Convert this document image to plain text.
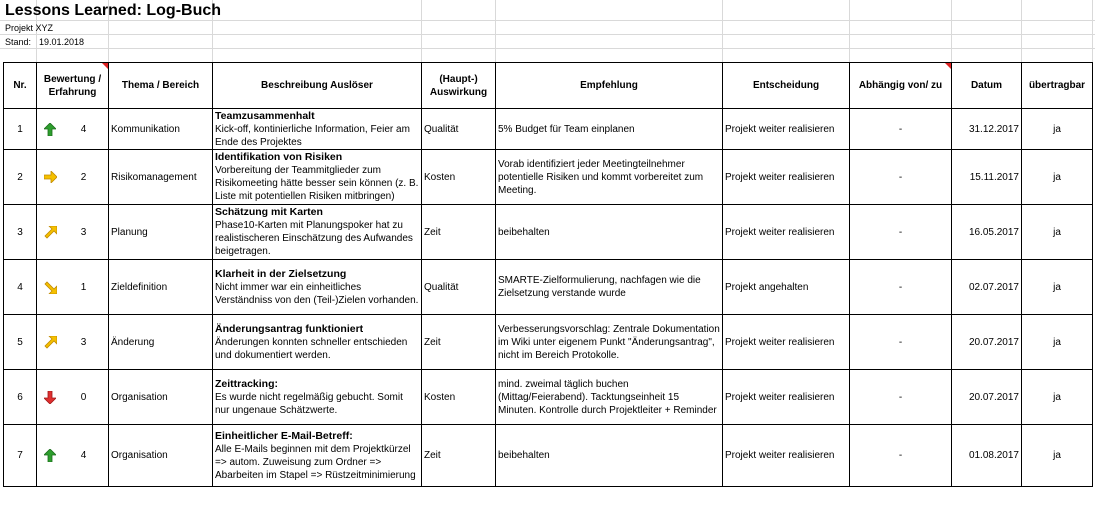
Lessons Learned: Log-Buch
Projekt XYZ
Stand: 19.01.2018
Nr.	Bewertung / Erfahrung	Thema / Bereich	Beschreibung Auslöser	(Haupt-) Auswirkung	Empfehlung	Entscheidung	Abhängig von/ zu	Datum	übertragbar
1	4	Kommunikation	Teamzusammenhalt
Kick-off, kontinierliche Information, Feier am Ende des Projektes	Qualität	5% Budget für Team einplanen	Projekt weiter realisieren	-	31.12.2017	ja
2	2	Risikomanagement	Identifikation von Risiken
Vorbereitung der Teammitglieder zum Risikomeeting hätte besser sein können (z. B. Liste mit potentiellen Risiken mitbringen)	Kosten	Vorab identifiziert jeder Meetingteilnehmer potentielle Risiken und kommt vorbereitet zum Meeting.	Projekt weiter realisieren	-	15.11.2017	ja
3	3	Planung	Schätzung mit Karten
Phase10-Karten mit Planungspoker hat zu realistischeren Einschätzung des Aufwandes beigetragen.	Zeit	beibehalten	Projekt weiter realisieren	-	16.05.2017	ja
4	1	Zieldefinition	Klarheit in der Zielsetzung
Nicht immer war ein einheitliches Verständniss von den (Teil-)Zielen vorhanden.	Qualität	SMARTE-Zielformulierung, nachfagen wie die Zielsetzung verstande wurde	Projekt angehalten	-	02.07.2017	ja
5	3	Änderung	Änderungsantrag funktioniert
Änderungen konnten schneller entschieden und dokumentiert werden.	Zeit	Verbesserungsvorschlag: Zentrale Dokumentation im Wiki unter eigenem Punkt "Änderungsantrag", nicht im Bereich Protokolle.	Projekt weiter realisieren	-	20.07.2017	ja
6	0	Organisation	Zeittracking:
Es wurde nicht regelmäßig gebucht. Somit nur ungenaue Schätzwerte.	Kosten	mind. zweimal täglich buchen (Mittag/Feierabend). Tacktungseinheit 15 Minuten. Kontrolle durch Projektleiter + Reminder	Projekt weiter realisieren	-	20.07.2017	ja
7	4	Organisation	Einheitlicher E-Mail-Betreff:
Alle E-Mails beginnen mit dem Projektkürzel => autom. Zuweisung zum Ordner => Abarbeiten im Stapel => Rüstzeitminimierung	Zeit	beibehalten	Projekt weiter realisieren	-	01.08.2017	ja
